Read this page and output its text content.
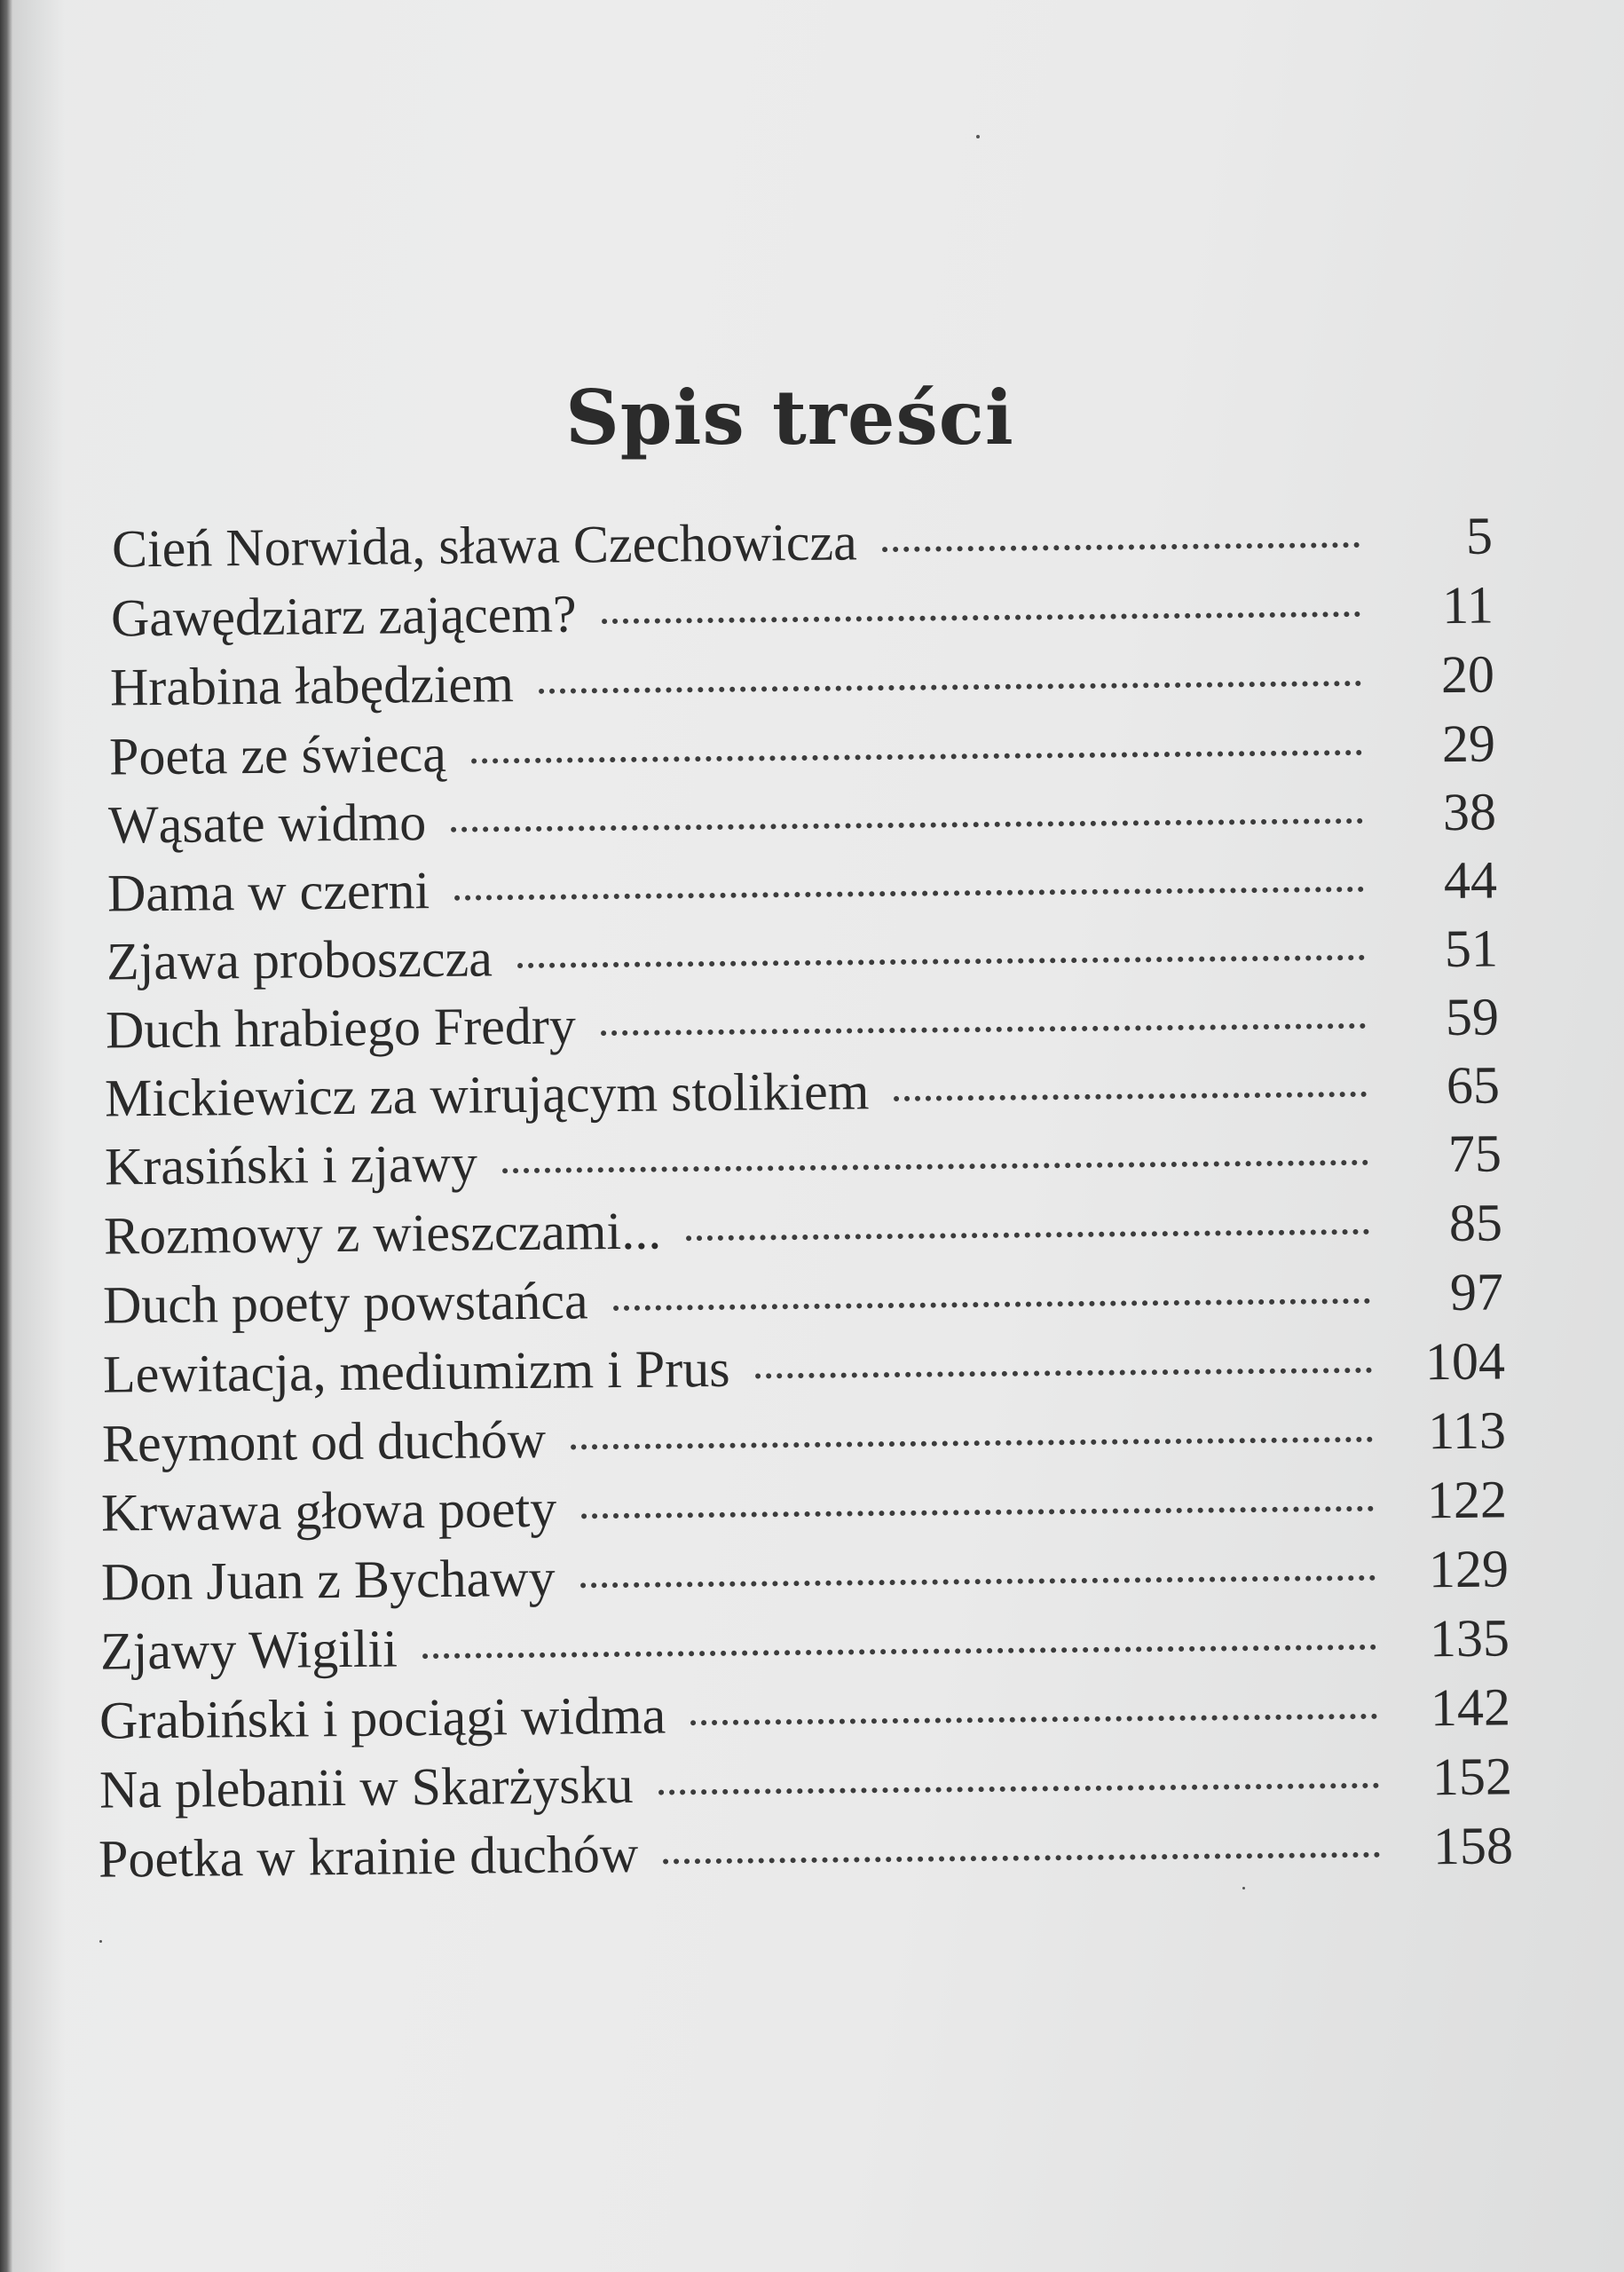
Spis treści
Cień Norwida, sława Czechowicza	5
Gawędziarz zającem?	11
Hrabina łabędziem	20
Poeta ze świecą	29
Wąsate widmo	38
Dama w czerni	44
Zjawa proboszcza	51
Duch hrabiego Fredry	59
Mickiewicz za wirującym stolikiem	65
Krasiński i zjawy	75
Rozmowy z wieszczami...	85
Duch poety powstańca	97
Lewitacja, mediumizm i Prus	104
Reymont od duchów	113
Krwawa głowa poety	122
Don Juan z Bychawy	129
Zjawy Wigilii	135
Grabiński i pociągi widma	142
Na plebanii w Skarżysku	152
Poetka w krainie duchów	158
